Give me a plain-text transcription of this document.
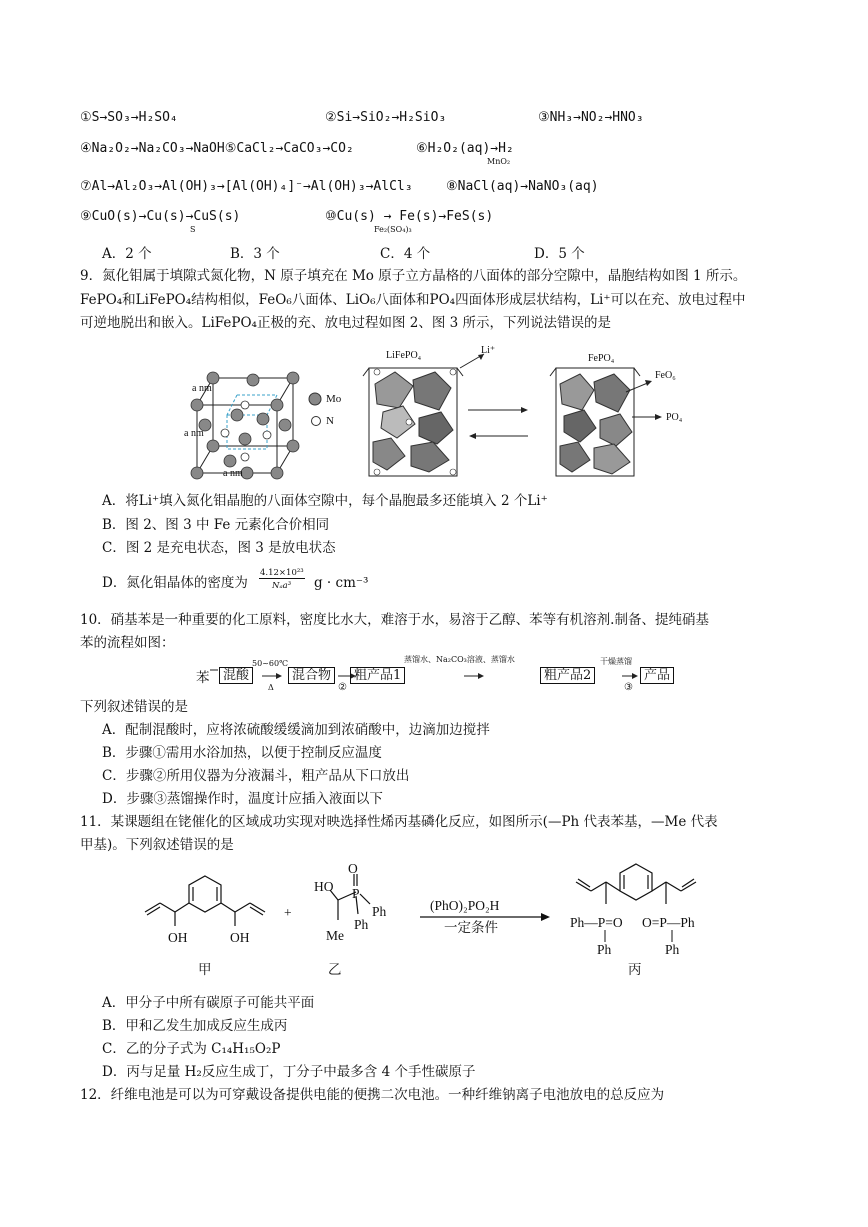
①S→SO₃→H₂SO₄	②Si→SiO₂→H₂SiO₃	③NH₃→NO₂→HNO₃
④Na₂O₂→Na₂CO₃→NaOH⑤CaCl₂→CaCO₃→CO₂	⑥H₂O₂(aq)→H₂
MnO₂
⑦Al→Al₂O₃→Al(OH)₃→[Al(OH)₄]⁻→Al(OH)₃→AlCl₃	⑧NaCl(aq)→NaNO₃(aq)
⑨CuO(s)→Cu(s)→CuS(s)
S
⑩Cu(s) → Fe(s)→FeS(s)
Fe₂(SO₄)₃
A．2 个	B．3 个	C．4 个	D．5 个
9．氮化钼属于填隙式氮化物，N 原子填充在 Mo 原子立方晶格的八面体的部分空隙中，晶胞结构如图 1 所示。
FePO₄和LiFePO₄结构相似，FeO₆八面体、LiO₆八面体和PO₄四面体形成层状结构，Li⁺可以在充、放电过程中
可逆地脱出和嵌入。LiFePO₄正极的充、放电过程如图 2、图 3 所示，下列说法错误的是
a nm
a nm
a nm
Mo
N
LiFePO₄	Li⁺
FePO₄
FeO₆
PO₄
A．将Li⁺填入氮化钼晶胞的八面体空隙中，每个晶胞最多还能填入 2 个Li⁺
B．图 2、图 3 中 Fe 元素化合价相同
C．图 2 是充电状态，图 3 是放电状态
D．氮化钼晶体的密度为
4.12×10²³
Nₐa³ g · cm⁻³
10．硝基苯是一种重要的化工原料，密度比水大，难溶于水，易溶于乙醇、苯等有机溶剂.制备、提纯硝基
苯的流程如图：
苯	混酸
50~60℃
Δ
混合物
②
粗产品1
蒸馏水、Na₂CO₃溶液、蒸馏水
粗产品2
干燥蒸馏
③
产品
下列叙述错误的是
A．配制混酸时，应将浓硫酸缓缓滴加到浓硝酸中，边滴加边搅拌
B．步骤①需用水浴加热，以便于控制反应温度
C．步骤②所用仪器为分液漏斗，粗产品从下口放出
D．步骤③蒸馏操作时，温度计应插入液面以下
11．某课题组在铑催化的区域成功实现对映选择性烯丙基磷化反应，如图所示(—Ph 代表苯基，—Me 代表
甲基)。下列叙述错误的是
OH	OH
+
O
HO P
Ph
Ph
Me
(PhO)₂PO₂H
一定条件	Ph—P=O
Ph
O=P—Ph
Ph
甲	乙	丙
A．甲分子中所有碳原子可能共平面
B．甲和乙发生加成反应生成丙
C．乙的分子式为 C₁₄H₁₅O₂P
D．丙与足量 H₂反应生成丁，丁分子中最多含 4 个手性碳原子
12．纤维电池是可以为可穿戴设备提供电能的便携二次电池。一种纤维钠离子电池放电的总反应为
